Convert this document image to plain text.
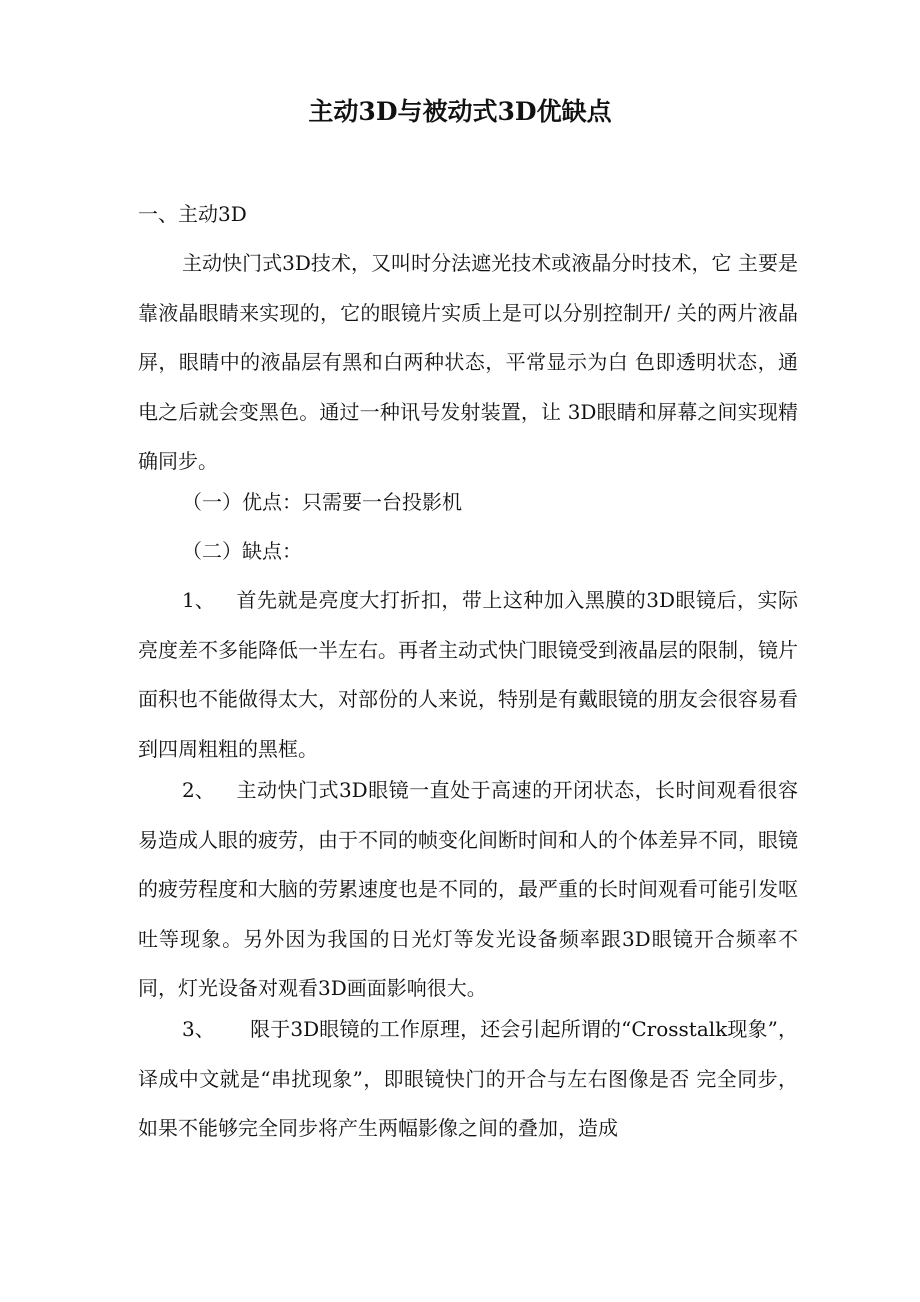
主动3D与被动式3D优缺点

一、主动3D

主动快门式3D技术，又叫时分法遮光技术或液晶分时技术，它 主要是靠液晶眼睛来实现的，它的眼镜片实质上是可以分别控制开/ 关的两片液晶屏，眼睛中的液晶层有黑和白两种状态，平常显示为白 色即透明状态，通电之后就会变黑色。通过一种讯号发射装置，让 3D眼睛和屏幕之间实现精确同步。

（一）优点：只需要一台投影机

（二）缺点：

1、 首先就是亮度大打折扣，带上这种加入黑膜的3D眼镜后，实际亮度差不多能降低一半左右。再者主动式快门眼镜受到液晶层的限制，镜片面积也不能做得太大，对部份的人来说，特别是有戴眼镜的朋友会很容易看到四周粗粗的黑框。

2、 主动快门式3D眼镜一直处于高速的开闭状态，长时间观看很容易造成人眼的疲劳，由于不同的帧变化间断时间和人的个体差异不同，眼镜的疲劳程度和大脑的劳累速度也是不同的，最严重的长时间观看可能引发呕吐等现象。另外因为我国的日光灯等发光设备频率跟3D眼镜开合频率不同，灯光设备对观看3D画面影响很大。

3、 限于3D眼镜的工作原理，还会引起所谓的“Crosstalk现象”，译成中文就是“串扰现象”，即眼镜快门的开合与左右图像是否 完全同步，如果不能够完全同步将产生两幅影像之间的叠加，造成
